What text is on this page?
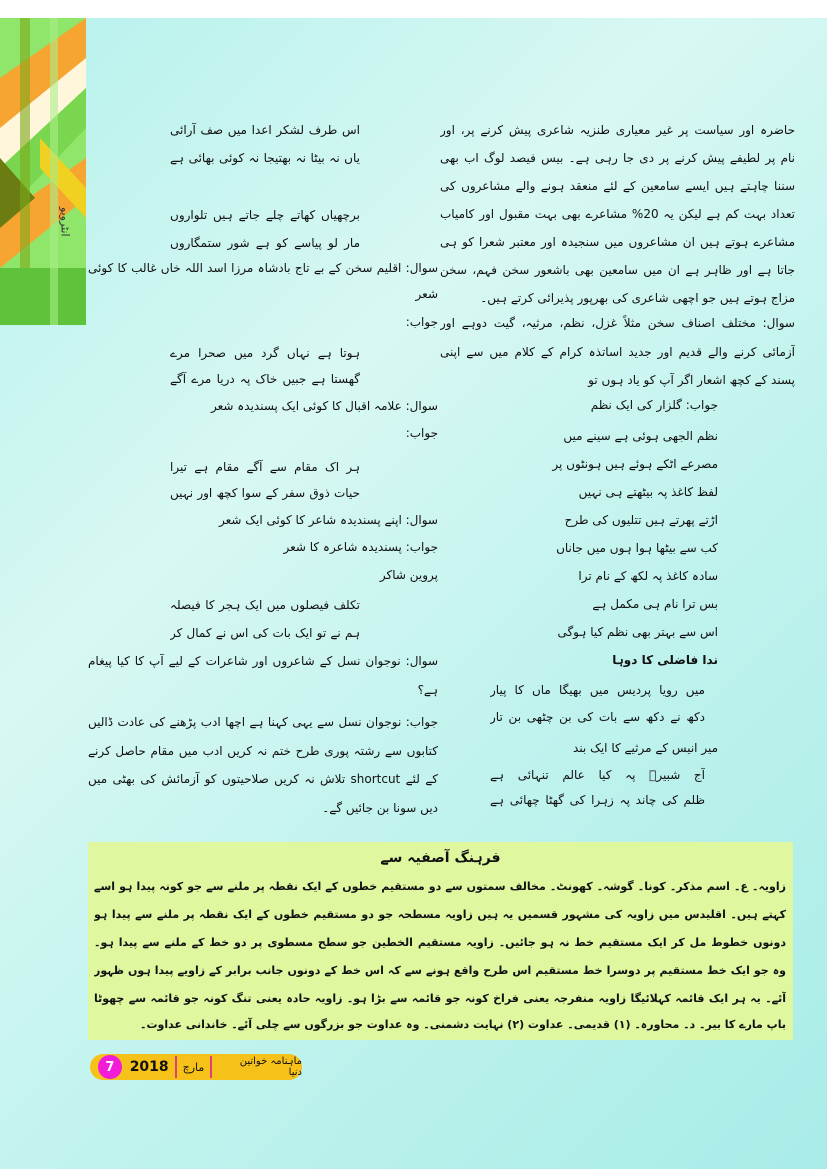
انٹرویو
حاضرہ اور سیاست پر غیر معیاری طنزیہ شاعری پیش کرنے پر، اور
نام پر لطیفے پیش کرنے پر دی جا رہی ہے۔ بیس فیصد لوگ اب بھی
سننا چاہتے ہیں ایسے سامعین کے لئے منعقد ہونے والے مشاعروں کی
تعداد بہت کم ہے لیکن یہ 20% مشاعرے بھی بہت مقبول اور کامیاب
مشاعرے ہوتے ہیں ان مشاعروں میں سنجیدہ اور معتبر شعرا کو ہی
جاتا ہے اور ظاہر ہے ان میں سامعین بھی باشعور سخن فہم، سخن
مزاج ہوتے ہیں جو اچھی شاعری کی بھرپور پذیرائی کرتے ہیں۔
سوال: مختلف اصناف سخن مثلاً غزل، نظم، مرثیہ، گیت دوہے اور
آزمائی کرنے والے قدیم اور جدید اساتذہ کرام کے کلام میں سے اپنی
پسند کے کچھ اشعار اگر آپ کو یاد ہوں تو
جواب: گلزار کی ایک نظم
نظم الجھی ہوئی ہے سینے میں
مصرعے اٹکے ہوئے ہیں ہونٹوں پر
لفظ کاغذ پہ بیٹھتے ہی نہیں
اڑتے پھرتے ہیں تتلیوں کی طرح
کب سے بیٹھا ہوا ہوں میں جاناں
سادہ کاغذ پہ لکھ کے نام ترا
بس ترا نام ہی مکمل ہے
اس سے بہتر بھی نظم کیا ہوگی
ندا فاضلی کا دوہا
میں رویا پردیس میں بھیگا ماں کا پیار
دکھ نے دکھ سے بات کی بن چٹھی بن تار
میر انیس کے مرثیے کا ایک بند
آج شبیرؑ پہ کیا عالم تنہائی ہے
ظلم کی چاند پہ زہرا کی گھٹا چھائی ہے
اس طرف لشکر اعدا میں صف آرائی
یاں نہ بیٹا نہ بھتیجا نہ کوئی بھائی ہے
برچھیاں کھاتے چلے جاتے ہیں تلواروں
مار لو پیاسے کو ہے شور ستمگاروں
سوال: اقلیم سخن کے بے تاج بادشاہ مرزا اسد اللہ خاں غالب کا کوئی
شعر
جواب:
ہوتا ہے نہاں گرد میں صحرا مرے
گھستا ہے جبیں خاک پہ دریا مرے آگے
سوال: علامہ اقبال کا کوئی ایک پسندیدہ شعر
جواب:
ہر اک مقام سے آگے مقام ہے تیرا
حیات ذوق سفر کے سوا کچھ اور نہیں
سوال: اپنے پسندیدہ شاعر کا کوئی ایک شعر
جواب: پسندیدہ شاعرہ کا شعر
پروین شاکر
تکلف فیصلوں میں ایک ہجر کا فیصلہ
ہم نے تو ایک بات کی اس نے کمال کر
سوال: نوجوان نسل کے شاعروں اور شاعرات کے لیے آپ کا کیا پیغام
ہے؟
جواب: نوجوان نسل سے یہی کہنا ہے اچھا ادب پڑھنے کی عادت ڈالیں
کتابوں سے رشتہ پوری طرح ختم نہ کریں ادب میں مقام حاصل کرنے
کے لئے shortcut تلاش نہ کریں صلاحیتوں کو آزمائش کی بھٹی میں
دیں سونا بن جائیں گے۔
فرہنگ آصفیہ سے
زاویہ۔ ع۔ اسم مذکر۔ کونا۔ گوشہ۔ کھونٹ۔ مخالف سمتوں سے دو مستقیم خطوں کے ایک نقطہ پر ملنے سے جو کونہ پیدا ہو اسے
کہتے ہیں۔ اقلیدس میں زاویہ کی مشہور قسمیں یہ ہیں زاویہ مسطحہ جو دو مستقیم خطوں کے ایک نقطہ پر ملنے سے پیدا ہو
دونوں خطوط مل کر ایک مستقیم خط نہ ہو جائیں۔ زاویہ مستقیم الخطین جو سطح مسطوی پر دو خط کے ملنے سے پیدا ہو۔
وہ جو ایک خط مستقیم پر دوسرا خط مستقیم اس طرح واقع ہونے سے کہ اس خط کے دونوں جانب برابر کے زاویے پیدا ہوں ظہور
آئے۔ یہ ہر ایک قائمہ کہلائیگا زاویہ منفرجہ یعنی فراخ کونہ جو قائمہ سے بڑا ہو۔ زاویہ حادہ یعنی تنگ کونہ جو قائمہ سے چھوٹا
باپ مارے کا بیر۔ د۔ محاورہ۔ (۱) قدیمی۔ عداوت (۲) نہایت دشمنی۔ وہ عداوت جو بزرگوں سے چلی آئے۔ خاندانی عداوت۔
7	2018 مارچ	ماہنامہ خواتین دنیا
